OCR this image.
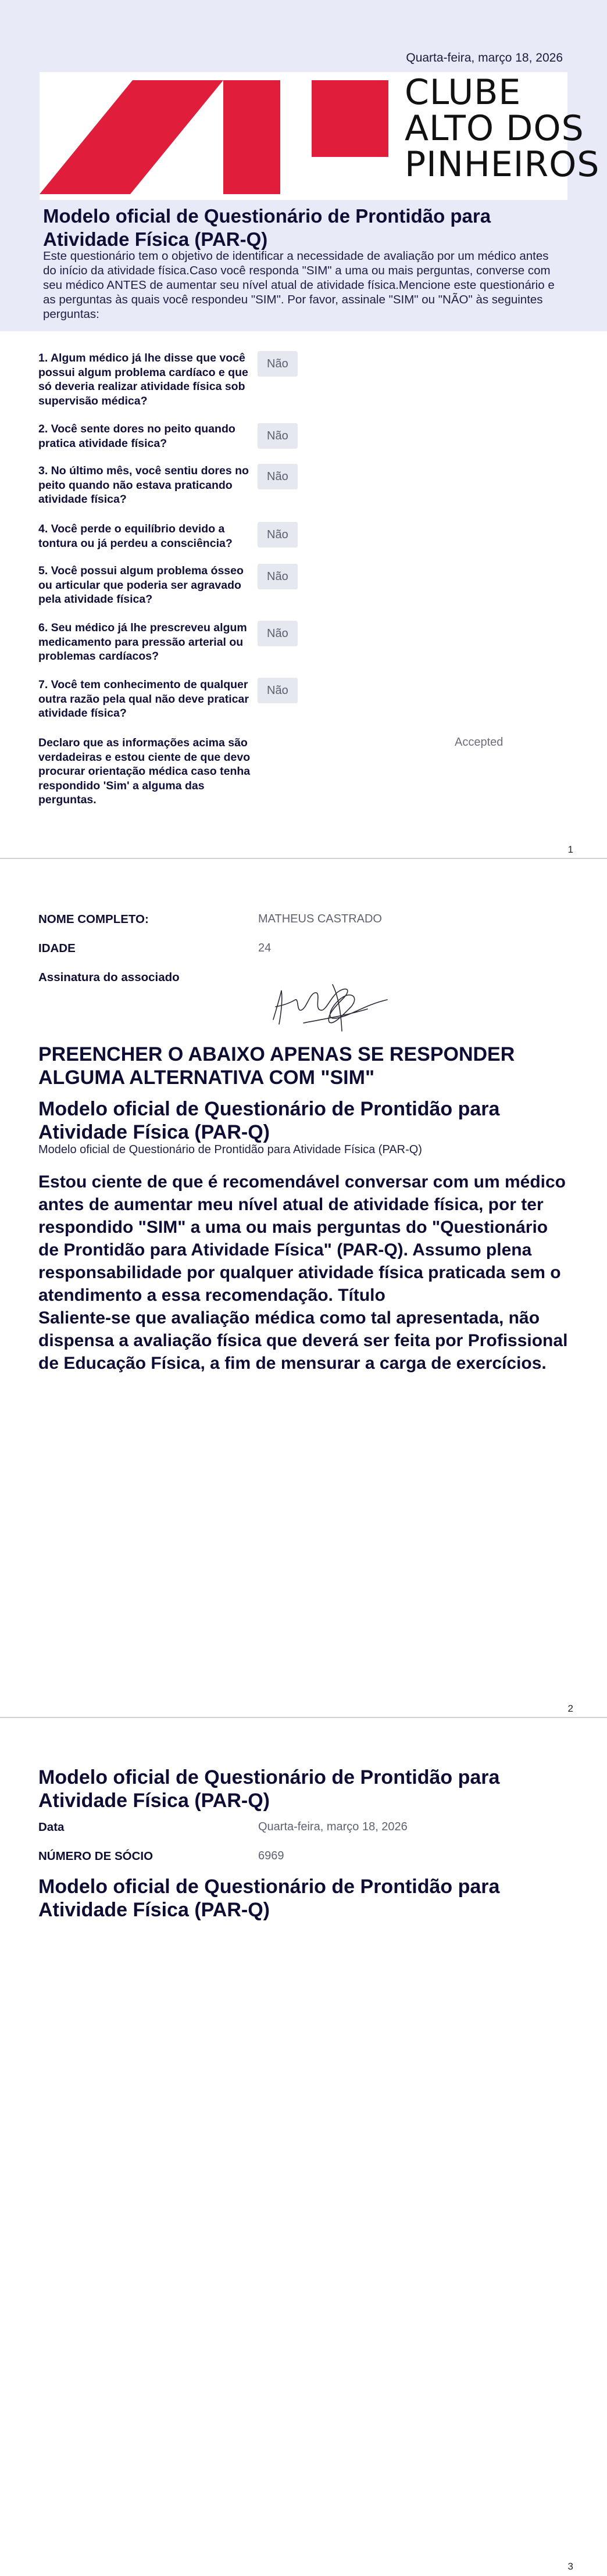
Quarta-feira, março 18, 2026
CLUBE
ALTO DOS
PINHEIROS
Modelo oficial de Questionário de Prontidão para Atividade Física (PAR-Q)
Este questionário tem o objetivo de identificar a necessidade de avaliação por um médico antes do início da atividade física.Caso você responda "SIM" a uma ou mais perguntas, converse com seu médico ANTES de aumentar seu nível atual de atividade física.Mencione este questionário e as perguntas às quais você respondeu "SIM". Por favor, assinale "SIM" ou "NÃO" às seguintes perguntas:
1. Algum médico já lhe disse que você possui algum problema cardíaco e que só deveria realizar atividade física sob supervisão médica?
Não
2. Você sente dores no peito quando pratica atividade física?
Não
3. No último mês, você sentiu dores no peito quando não estava praticando atividade física?
Não
4. Você perde o equilíbrio devido a tontura ou já perdeu a consciência?
Não
5. Você possui algum problema ósseo ou articular que poderia ser agravado pela atividade física?
Não
6. Seu médico já lhe prescreveu algum medicamento para pressão arterial ou problemas cardíacos?
Não
7. Você tem conhecimento de qualquer outra razão pela qual não deve praticar atividade física?
Não
Declaro que as informações acima são verdadeiras e estou ciente de que devo procurar orientação médica caso tenha respondido 'Sim' a alguma das perguntas.
Accepted
1
NOME COMPLETO:	MATHEUS CASTRADO
IDADE	24
Assinatura do associado
PREENCHER O ABAIXO APENAS SE RESPONDER ALGUMA ALTERNATIVA COM "SIM"
Modelo oficial de Questionário de Prontidão para Atividade Física (PAR-Q)
Modelo oficial de Questionário de Prontidão para Atividade Física (PAR-Q)
Estou ciente de que é recomendável conversar com um médico antes de aumentar meu nível atual de atividade física, por ter respondido "SIM" a uma ou mais perguntas do "Questionário de Prontidão para Atividade Física" (PAR-Q). Assumo plena responsabilidade por qualquer atividade física praticada sem o atendimento a essa recomendação. Título
Saliente-se que avaliação médica como tal apresentada, não dispensa a avaliação física que deverá ser feita por Profissional de Educação Física, a fim de mensurar a carga de exercícios.
2
Modelo oficial de Questionário de Prontidão para Atividade Física (PAR-Q)
Data	Quarta-feira, março 18, 2026
NÚMERO DE SÓCIO	6969
Modelo oficial de Questionário de Prontidão para Atividade Física (PAR-Q)
3
